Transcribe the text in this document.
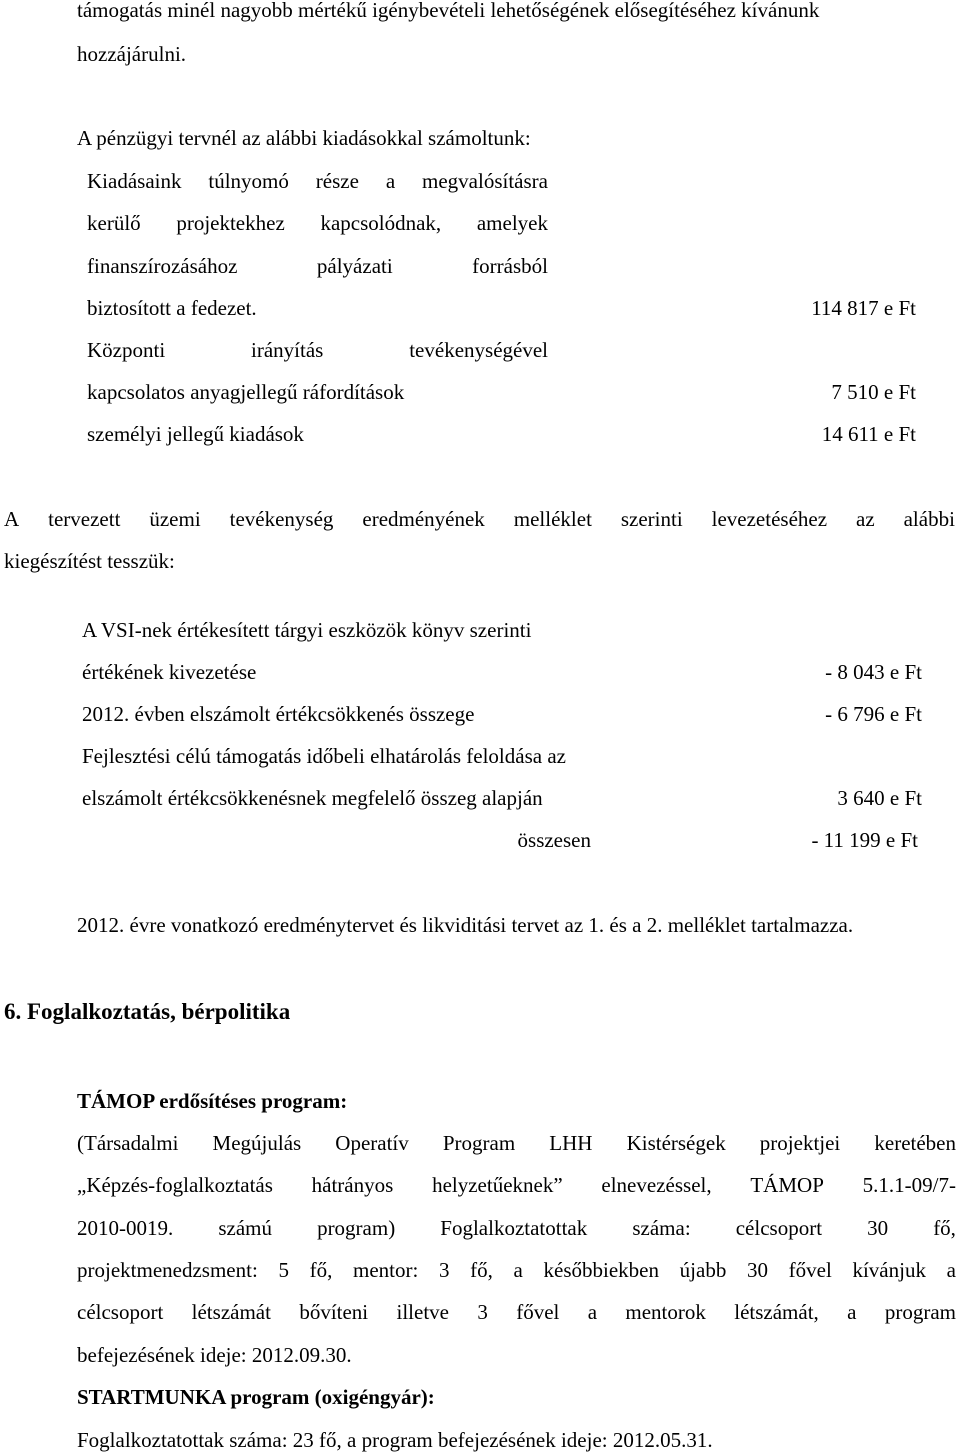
támogatás minél nagyobb mértékű igénybevételi lehetőségének elősegítéséhez kívánunk
hozzájárulni.
A pénzügyi tervnél az alábbi kiadásokkal számoltunk:
Kiadásaink túlnyomó része a megvalósításra
kerülő projektekhez kapcsolódnak, amelyek
finanszírozásához	pályázati	forrásból
biztosított a fedezet.	114 817 e Ft
Központi	irányítás	tevékenységével
kapcsolatos anyagjellegű ráfordítások	7 510 e Ft
személyi jellegű kiadások	14 611 e Ft
A tervezett üzemi tevékenység eredményének melléklet szerinti levezetéséhez az alábbi
kiegészítést tesszük:
A VSI-nek értékesített tárgyi eszközök könyv szerinti
értékének kivezetése	- 8 043 e Ft
2012. évben elszámolt értékcsökkenés összege	- 6 796 e Ft
Fejlesztési célú támogatás időbeli elhatárolás feloldása az
elszámolt értékcsökkenésnek megfelelő összeg alapján	3 640 e Ft
összesen	- 11 199 e Ft
2012. évre vonatkozó eredménytervet és likviditási tervet az 1. és a 2. melléklet tartalmazza.
6. Foglalkoztatás, bérpolitika
TÁMOP erdősítéses program:
(Társadalmi Megújulás Operatív Program LHH Kistérségek projektjei keretében
„Képzés-foglalkoztatás hátrányos helyzetűeknek” elnevezéssel, TÁMOP 5.1.1-09/7-
2010-0019. számú program) Foglalkoztatottak száma: célcsoport 30 fő,
projektmenedzsment: 5 fő, mentor: 3 fő, a későbbiekben újabb 30 fővel kívánjuk a
célcsoport létszámát bővíteni illetve 3 fővel a mentorok létszámát, a program
befejezésének ideje: 2012.09.30.
STARTMUNKA program (oxigéngyár):
Foglalkoztatottak száma: 23 fő, a program befejezésének ideje: 2012.05.31.
